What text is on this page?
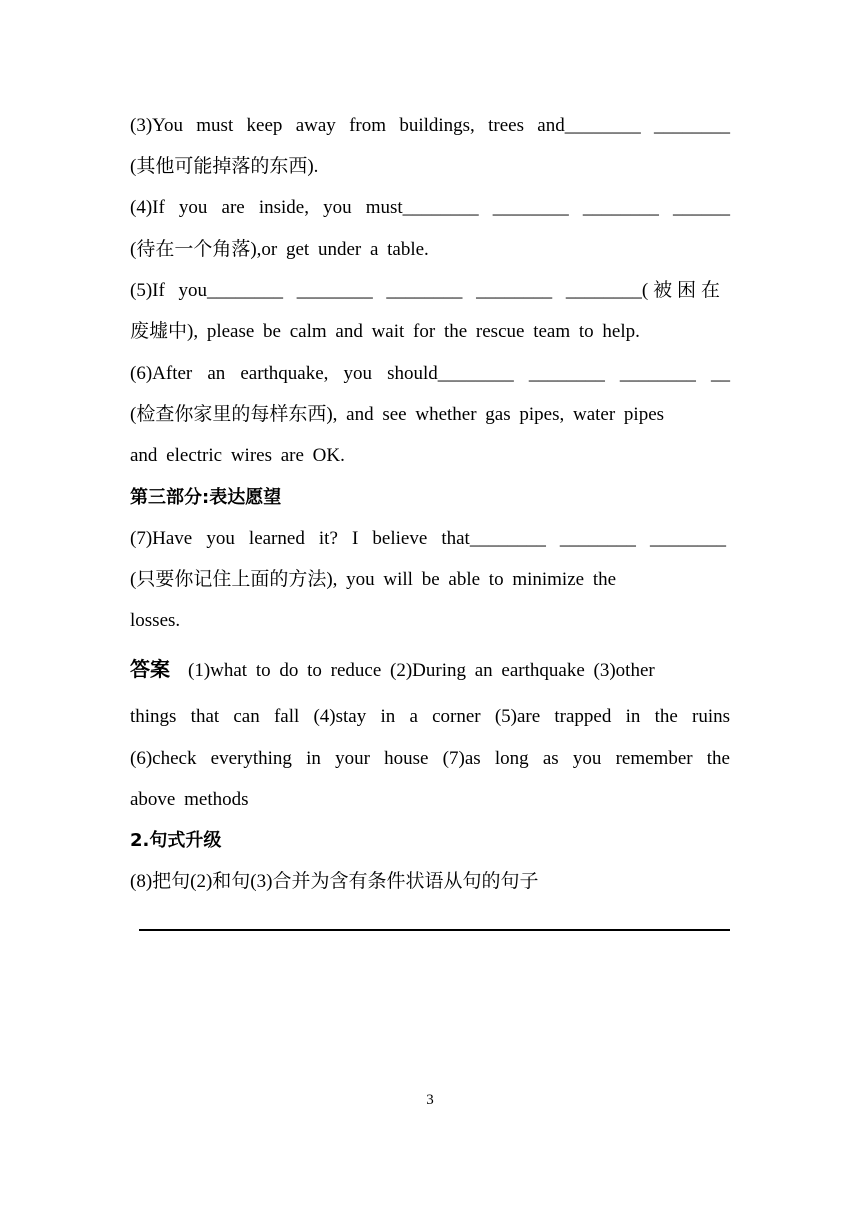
(3)You must keep away from buildings, trees and________ ________
(其他可能掉落的东西).
(4)If you are inside, you must________ ________ ________ ______
(待在一个角落),or get under a table.
(5)If you________ ________ ________ ________ ________(被困在
废墟中), please be calm and wait for the rescue team to help.
(6)After an earthquake, you should________ ________ ________ __
(检查你家里的每样东西), and see whether gas pipes, water pipes
and electric wires are OK.
第三部分:表达愿望
(7)Have you learned it? I believe that________ ________ ________
(只要你记住上面的方法), you will be able to minimize the
losses.
答案 (1)what to do to reduce (2)During an earthquake (3)other
things that can fall (4)stay in a corner (5)are trapped in the ruins
(6)check everything in your house (7)as long as you remember the
above methods
2.句式升级
(8)把句(2)和句(3)合并为含有条件状语从句的句子
3
